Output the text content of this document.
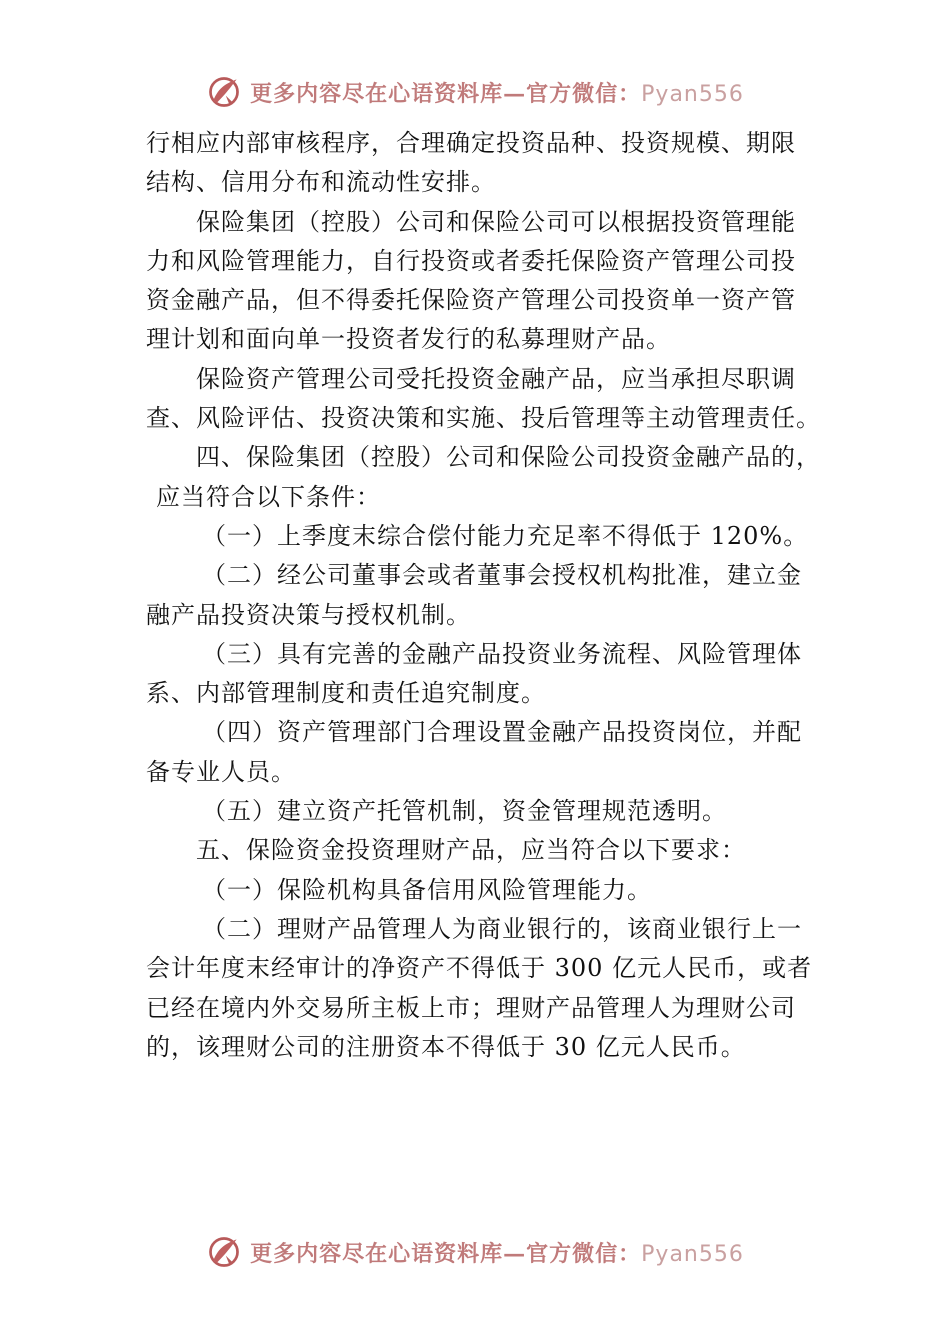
更多内容尽在心语资料库—官方微信：Pyan556
行相应内部审核程序，合理确定投资品种、投资规模、期限
结构、信用分布和流动性安排。
保险集团（控股）公司和保险公司可以根据投资管理能
力和风险管理能力，自行投资或者委托保险资产管理公司投
资金融产品，但不得委托保险资产管理公司投资单一资产管
理计划和面向单一投资者发行的私募理财产品。
保险资产管理公司受托投资金融产品，应当承担尽职调
查、风险评估、投资决策和实施、投后管理等主动管理责任。
四、保险集团（控股）公司和保险公司投资金融产品的，
应当符合以下条件：
（一）上季度末综合偿付能力充足率不得低于 120%。
（二）经公司董事会或者董事会授权机构批准，建立金
融产品投资决策与授权机制。
（三）具有完善的金融产品投资业务流程、风险管理体
系、内部管理制度和责任追究制度。
（四）资产管理部门合理设置金融产品投资岗位，并配
备专业人员。
（五）建立资产托管机制，资金管理规范透明。
五、保险资金投资理财产品，应当符合以下要求：
（一）保险机构具备信用风险管理能力。
（二）理财产品管理人为商业银行的，该商业银行上一
会计年度末经审计的净资产不得低于 300 亿元人民币，或者
已经在境内外交易所主板上市；理财产品管理人为理财公司
的，该理财公司的注册资本不得低于 30 亿元人民币。
更多内容尽在心语资料库—官方微信：Pyan556
